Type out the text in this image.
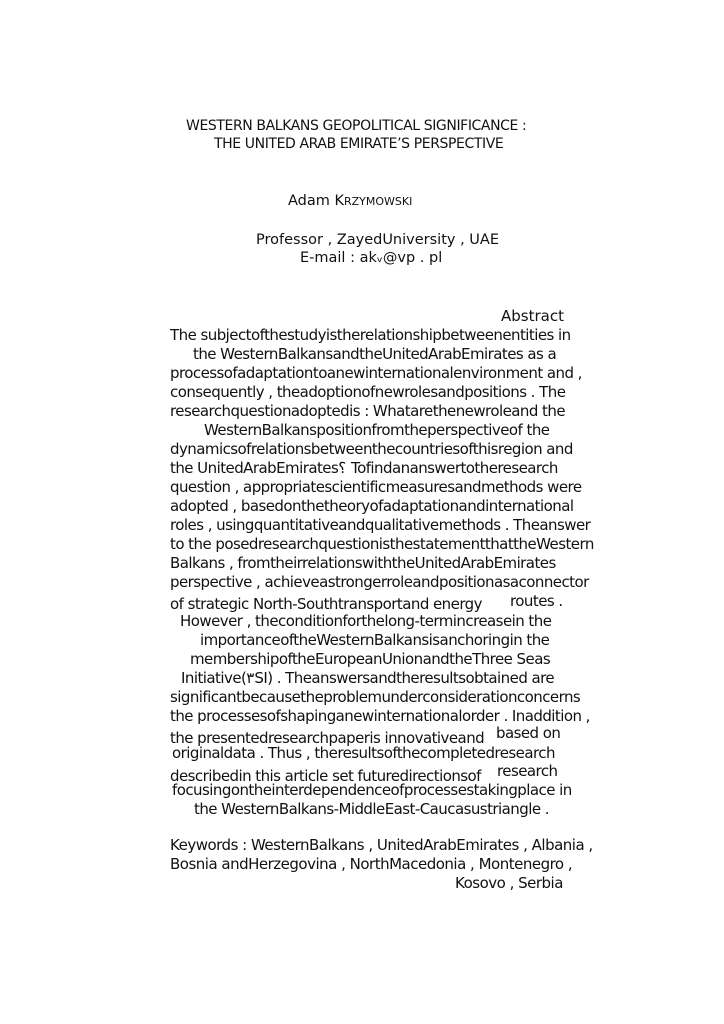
WESTERN BALKANS GEOPOLITICAL SIGNIFICANCE :
THE UNITED ARAB EMIRATE’S PERSPECTIVE
Adam KRZYMOWSKI
Professor , ZayedUniversity , UAE
E-mail : akᵥ@vp . pl
Abstract
The subjectofthestudyistherelationshipbetweenentities in
the WesternBalkansandtheUnitedArabEmirates as a
processofadaptationtoanewinternationalenvironment and ,
consequently , theadoptionofnewrolesandpositions . The
researchquestionadoptedis : Whatarethenewroleand the
WesternBalkanspositionfromtheperspectiveof the
dynamicsofrelationsbetweenthecountriesofthisregion and
the UnitedArabEmirates؟ Tofindananswertotheresearch
question , appropriatescientificmeasuresandmethods were
adopted , basedonthetheoryofadaptationandinternational
roles , usingquantitativeandqualitativemethods . Theanswer
to the posedresearchquestionisthestatementthattheWestern
Balkans , fromtheirrelationswiththeUnitedArabEmirates
perspective , achieveastrongerroleandpositionasaconnector
of strategic North-Southtransportand energy routes .
However , theconditionforthelong-termincreasein the
importanceoftheWesternBalkansisanchoringin the
membershipoftheEuropeanUnionandtheThree Seas
Initiative(٣SI) . Theanswersandtheresultsobtained are
significantbecausetheproblemunderconsiderationconcerns
the processesofshapinganewinternationalorder . Inaddition ,
the presentedresearchpaperis innovativeand based on
originaldata . Thus , theresultsofthecompletedresearch
describedin this article set futuredirectionsof research
focusingontheinterdependenceofprocessestakingplace in
the WesternBalkans-MiddleEast-Caucasustriangle .
Keywords : WesternBalkans , UnitedArabEmirates , Albania ,
Bosnia andHerzegovina , NorthMacedonia , Montenegro ,
Kosovo , Serbia
